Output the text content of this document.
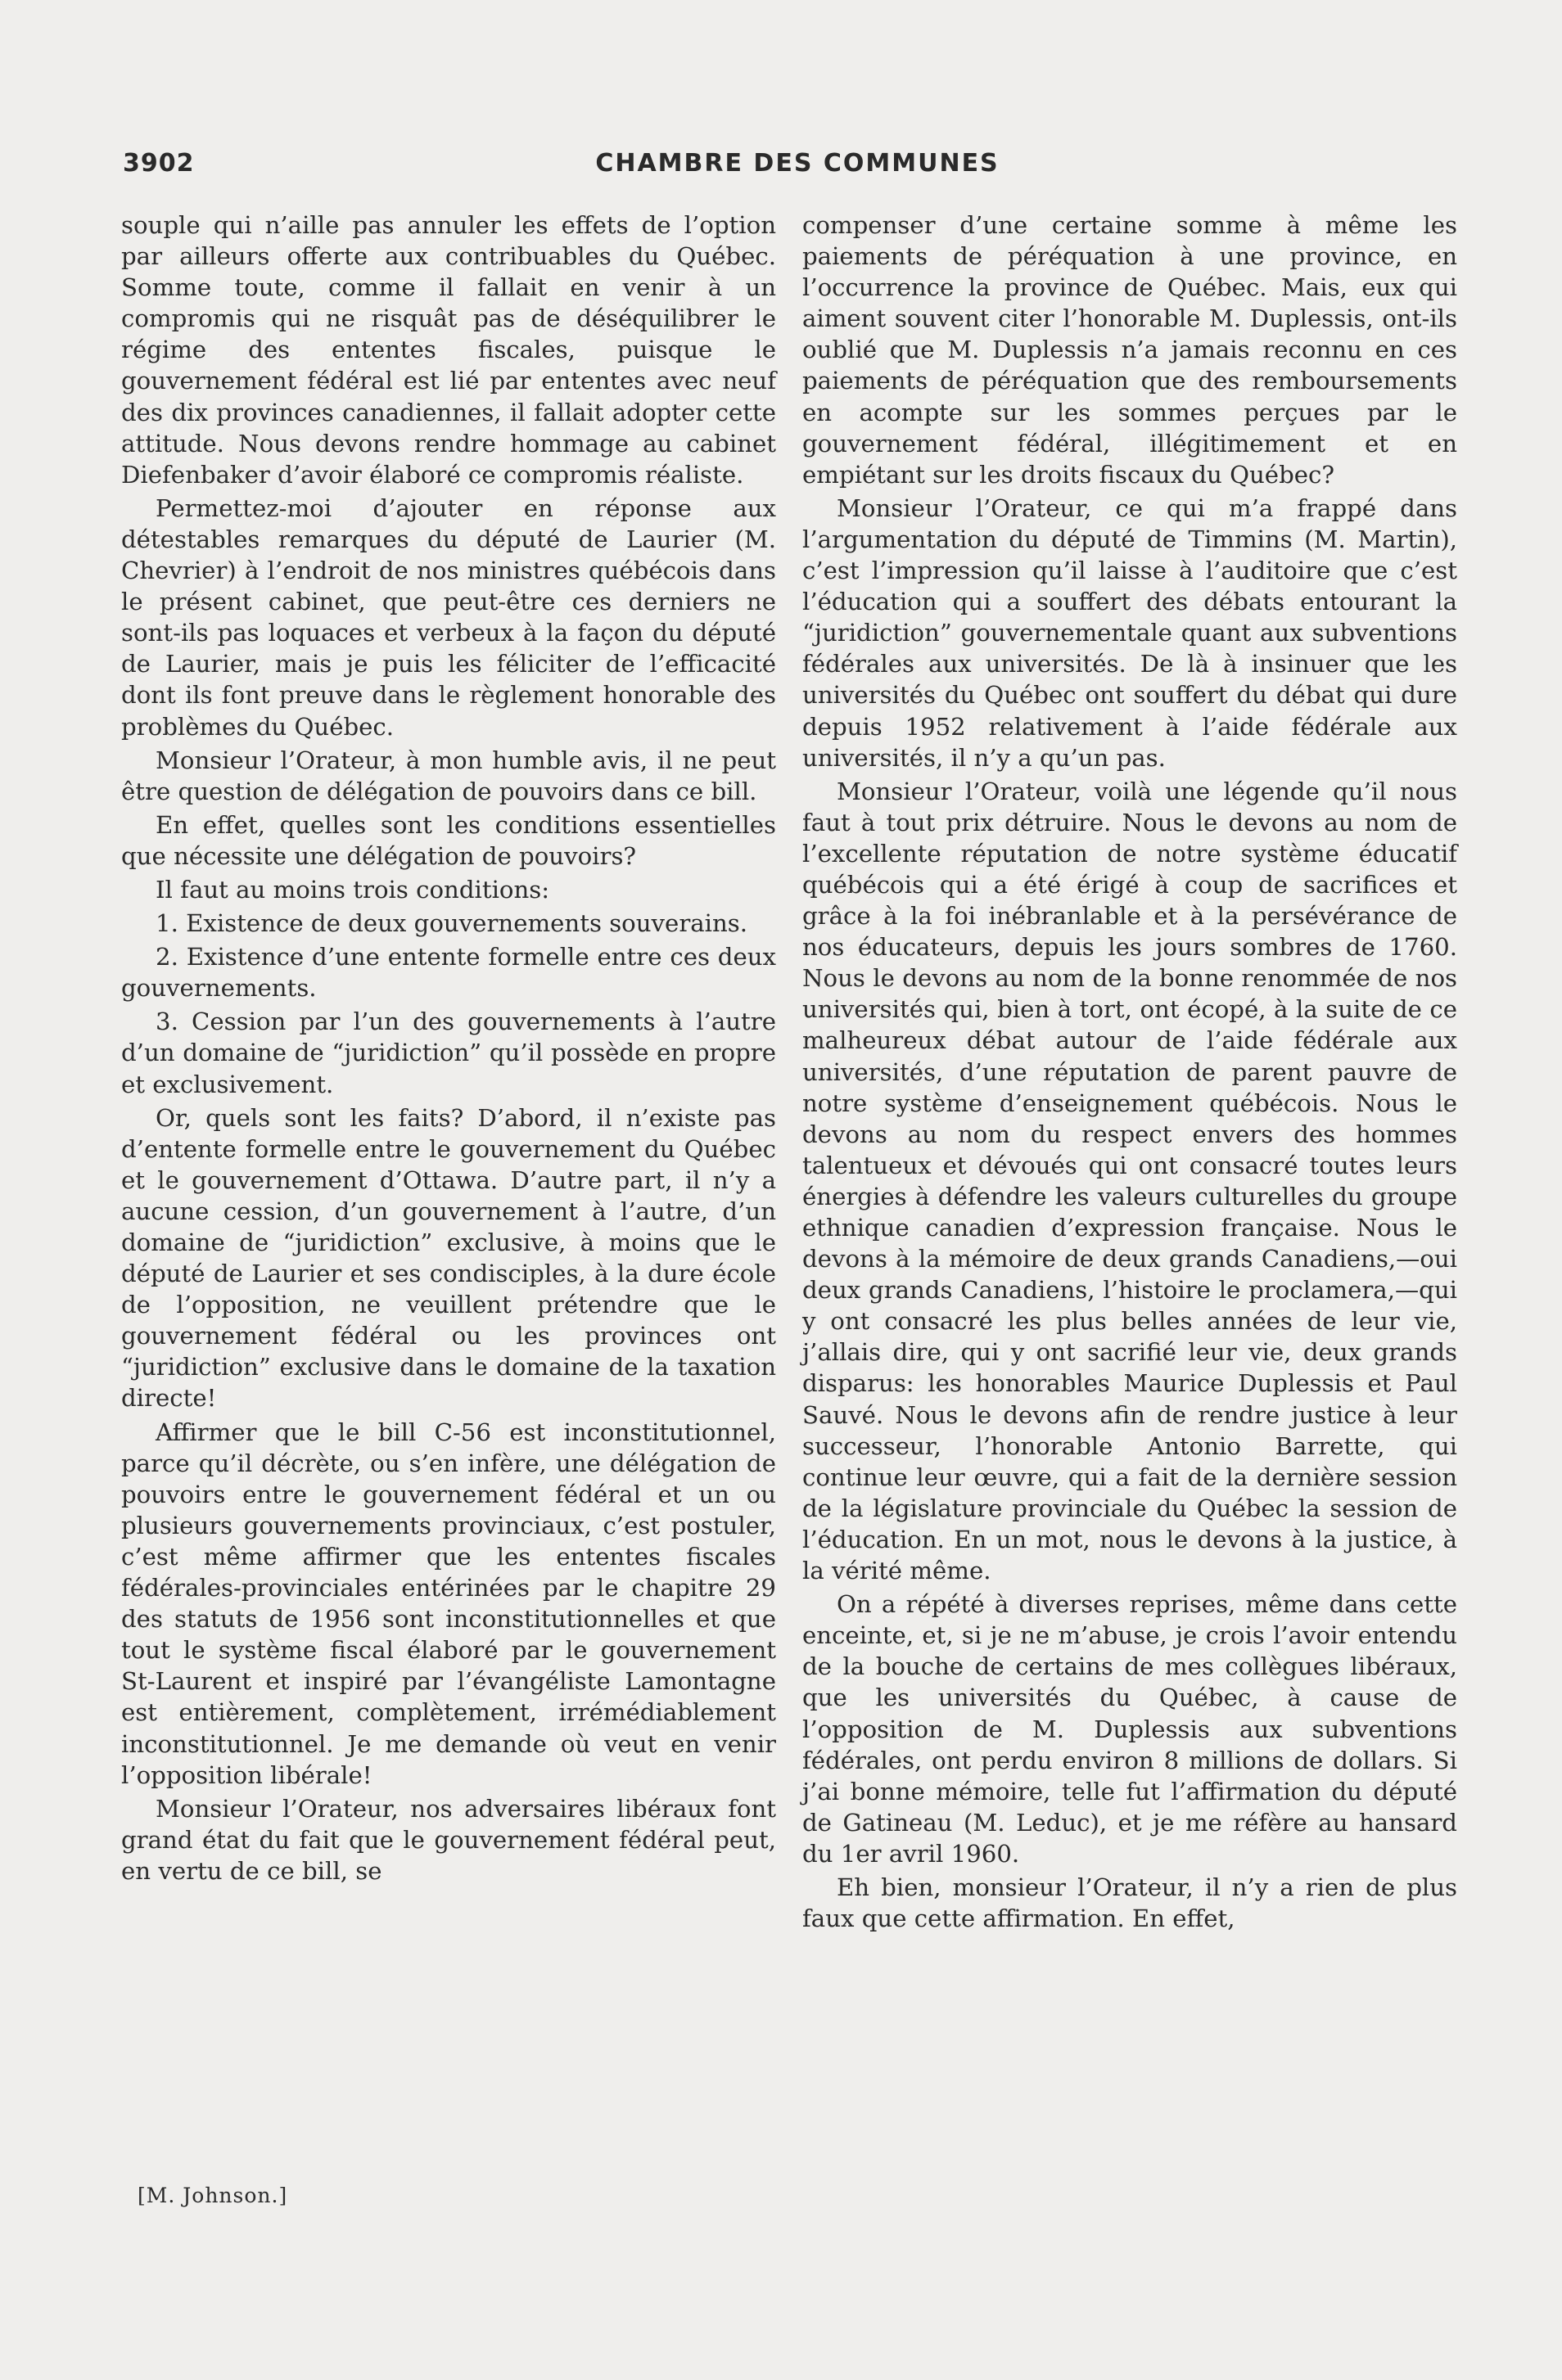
3902	CHAMBRE DES COMMUNES

souple qui n’aille pas annuler les effets de l’option par ailleurs offerte aux contribuables du Québec. Somme toute, comme il fallait en venir à un compromis qui ne risquât pas de déséquilibrer le régime des ententes fiscales, puisque le gouvernement fédéral est lié par ententes avec neuf des dix provinces canadiennes, il fallait adopter cette attitude. Nous devons rendre hommage au cabinet Diefenbaker d’avoir élaboré ce compromis réaliste.

Permettez-moi d’ajouter en réponse aux détestables remarques du député de Laurier (M. Chevrier) à l’endroit de nos ministres québécois dans le présent cabinet, que peut-être ces derniers ne sont-ils pas loquaces et verbeux à la façon du député de Laurier, mais je puis les féliciter de l’efficacité dont ils font preuve dans le règlement honorable des problèmes du Québec.

Monsieur l’Orateur, à mon humble avis, il ne peut être question de délégation de pouvoirs dans ce bill.

En effet, quelles sont les conditions essentielles que nécessite une délégation de pouvoirs?

Il faut au moins trois conditions:

1. Existence de deux gouvernements souverains.

2. Existence d’une entente formelle entre ces deux gouvernements.

3. Cession par l’un des gouvernements à l’autre d’un domaine de “juridiction” qu’il possède en propre et exclusivement.

Or, quels sont les faits? D’abord, il n’existe pas d’entente formelle entre le gouvernement du Québec et le gouvernement d’Ottawa. D’autre part, il n’y a aucune cession, d’un gouvernement à l’autre, d’un domaine de “juridiction” exclusive, à moins que le député de Laurier et ses condisciples, à la dure école de l’opposition, ne veuillent prétendre que le gouvernement fédéral ou les provinces ont “juridiction” exclusive dans le domaine de la taxation directe!

Affirmer que le bill C-56 est inconstitutionnel, parce qu’il décrète, ou s’en infère, une délégation de pouvoirs entre le gouvernement fédéral et un ou plusieurs gouvernements provinciaux, c’est postuler, c’est même affirmer que les ententes fiscales fédérales-provinciales entérinées par le chapitre 29 des statuts de 1956 sont inconstitutionnelles et que tout le système fiscal élaboré par le gouvernement St-Laurent et inspiré par l’évangéliste Lamontagne est entièrement, complètement, irrémédiablement inconstitutionnel. Je me demande où veut en venir l’opposition libérale!

Monsieur l’Orateur, nos adversaires libéraux font grand état du fait que le gouvernement fédéral peut, en vertu de ce bill, se

compenser d’une certaine somme à même les paiements de péréquation à une province, en l’occurrence la province de Québec. Mais, eux qui aiment souvent citer l’honorable M. Duplessis, ont-ils oublié que M. Duplessis n’a jamais reconnu en ces paiements de péréquation que des remboursements en acompte sur les sommes perçues par le gouvernement fédéral, illégitimement et en empiétant sur les droits fiscaux du Québec?

Monsieur l’Orateur, ce qui m’a frappé dans l’argumentation du député de Timmins (M. Martin), c’est l’impression qu’il laisse à l’auditoire que c’est l’éducation qui a souffert des débats entourant la “juridiction” gouvernementale quant aux subventions fédérales aux universités. De là à insinuer que les universités du Québec ont souffert du débat qui dure depuis 1952 relativement à l’aide fédérale aux universités, il n’y a qu’un pas.

Monsieur l’Orateur, voilà une légende qu’il nous faut à tout prix détruire. Nous le devons au nom de l’excellente réputation de notre système éducatif québécois qui a été érigé à coup de sacrifices et grâce à la foi inébranlable et à la persévérance de nos éducateurs, depuis les jours sombres de 1760. Nous le devons au nom de la bonne renommée de nos universités qui, bien à tort, ont écopé, à la suite de ce malheureux débat autour de l’aide fédérale aux universités, d’une réputation de parent pauvre de notre système d’enseignement québécois. Nous le devons au nom du respect envers des hommes talentueux et dévoués qui ont consacré toutes leurs énergies à défendre les valeurs culturelles du groupe ethnique canadien d’expression française. Nous le devons à la mémoire de deux grands Canadiens,—oui deux grands Canadiens, l’histoire le proclamera,—qui y ont consacré les plus belles années de leur vie, j’allais dire, qui y ont sacrifié leur vie, deux grands disparus: les honorables Maurice Duplessis et Paul Sauvé. Nous le devons afin de rendre justice à leur successeur, l’honorable Antonio Barrette, qui continue leur œuvre, qui a fait de la dernière session de la législature provinciale du Québec la session de l’éducation. En un mot, nous le devons à la justice, à la vérité même.

On a répété à diverses reprises, même dans cette enceinte, et, si je ne m’abuse, je crois l’avoir entendu de la bouche de certains de mes collègues libéraux, que les universités du Québec, à cause de l’opposition de M. Duplessis aux subventions fédérales, ont perdu environ 8 millions de dollars. Si j’ai bonne mémoire, telle fut l’affirmation du député de Gatineau (M. Leduc), et je me réfère au hansard du 1er avril 1960.

Eh bien, monsieur l’Orateur, il n’y a rien de plus faux que cette affirmation. En effet,

[M. Johnson.]
